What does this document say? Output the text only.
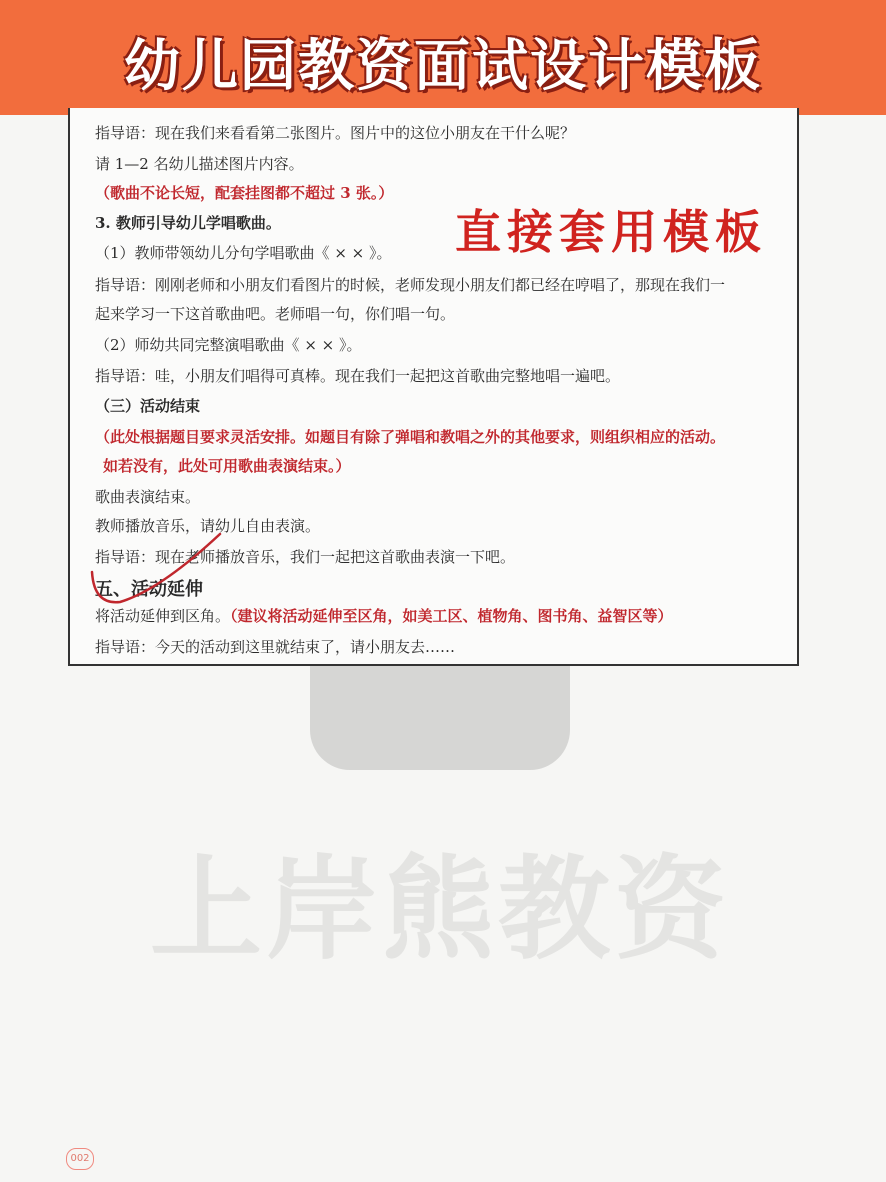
幼儿园教资面试设计模板
上岸熊教资
指导语：现在我们来看看第二张图片。图片中的这位小朋友在干什么呢？
请 1—2 名幼儿描述图片内容。
（歌曲不论长短，配套挂图都不超过 3 张。）
3. 教师引导幼儿学唱歌曲。
（1）教师带领幼儿分句学唱歌曲《 × × 》。
指导语：刚刚老师和小朋友们看图片的时候，老师发现小朋友们都已经在哼唱了，那现在我们一
起来学习一下这首歌曲吧。老师唱一句，你们唱一句。
（2）师幼共同完整演唱歌曲《 × × 》。
指导语：哇，小朋友们唱得可真棒。现在我们一起把这首歌曲完整地唱一遍吧。
（三）活动结束
（此处根据题目要求灵活安排。如题目有除了弹唱和教唱之外的其他要求，则组织相应的活动。
如若没有，此处可用歌曲表演结束。）
歌曲表演结束。
教师播放音乐，请幼儿自由表演。
指导语：现在老师播放音乐，我们一起把这首歌曲表演一下吧。
五、活动延伸
将活动延伸到区角。（建议将活动延伸至区角，如美工区、植物角、图书角、益智区等）
指导语：今天的活动到这里就结束了，请小朋友去……
直接套用模板
002
